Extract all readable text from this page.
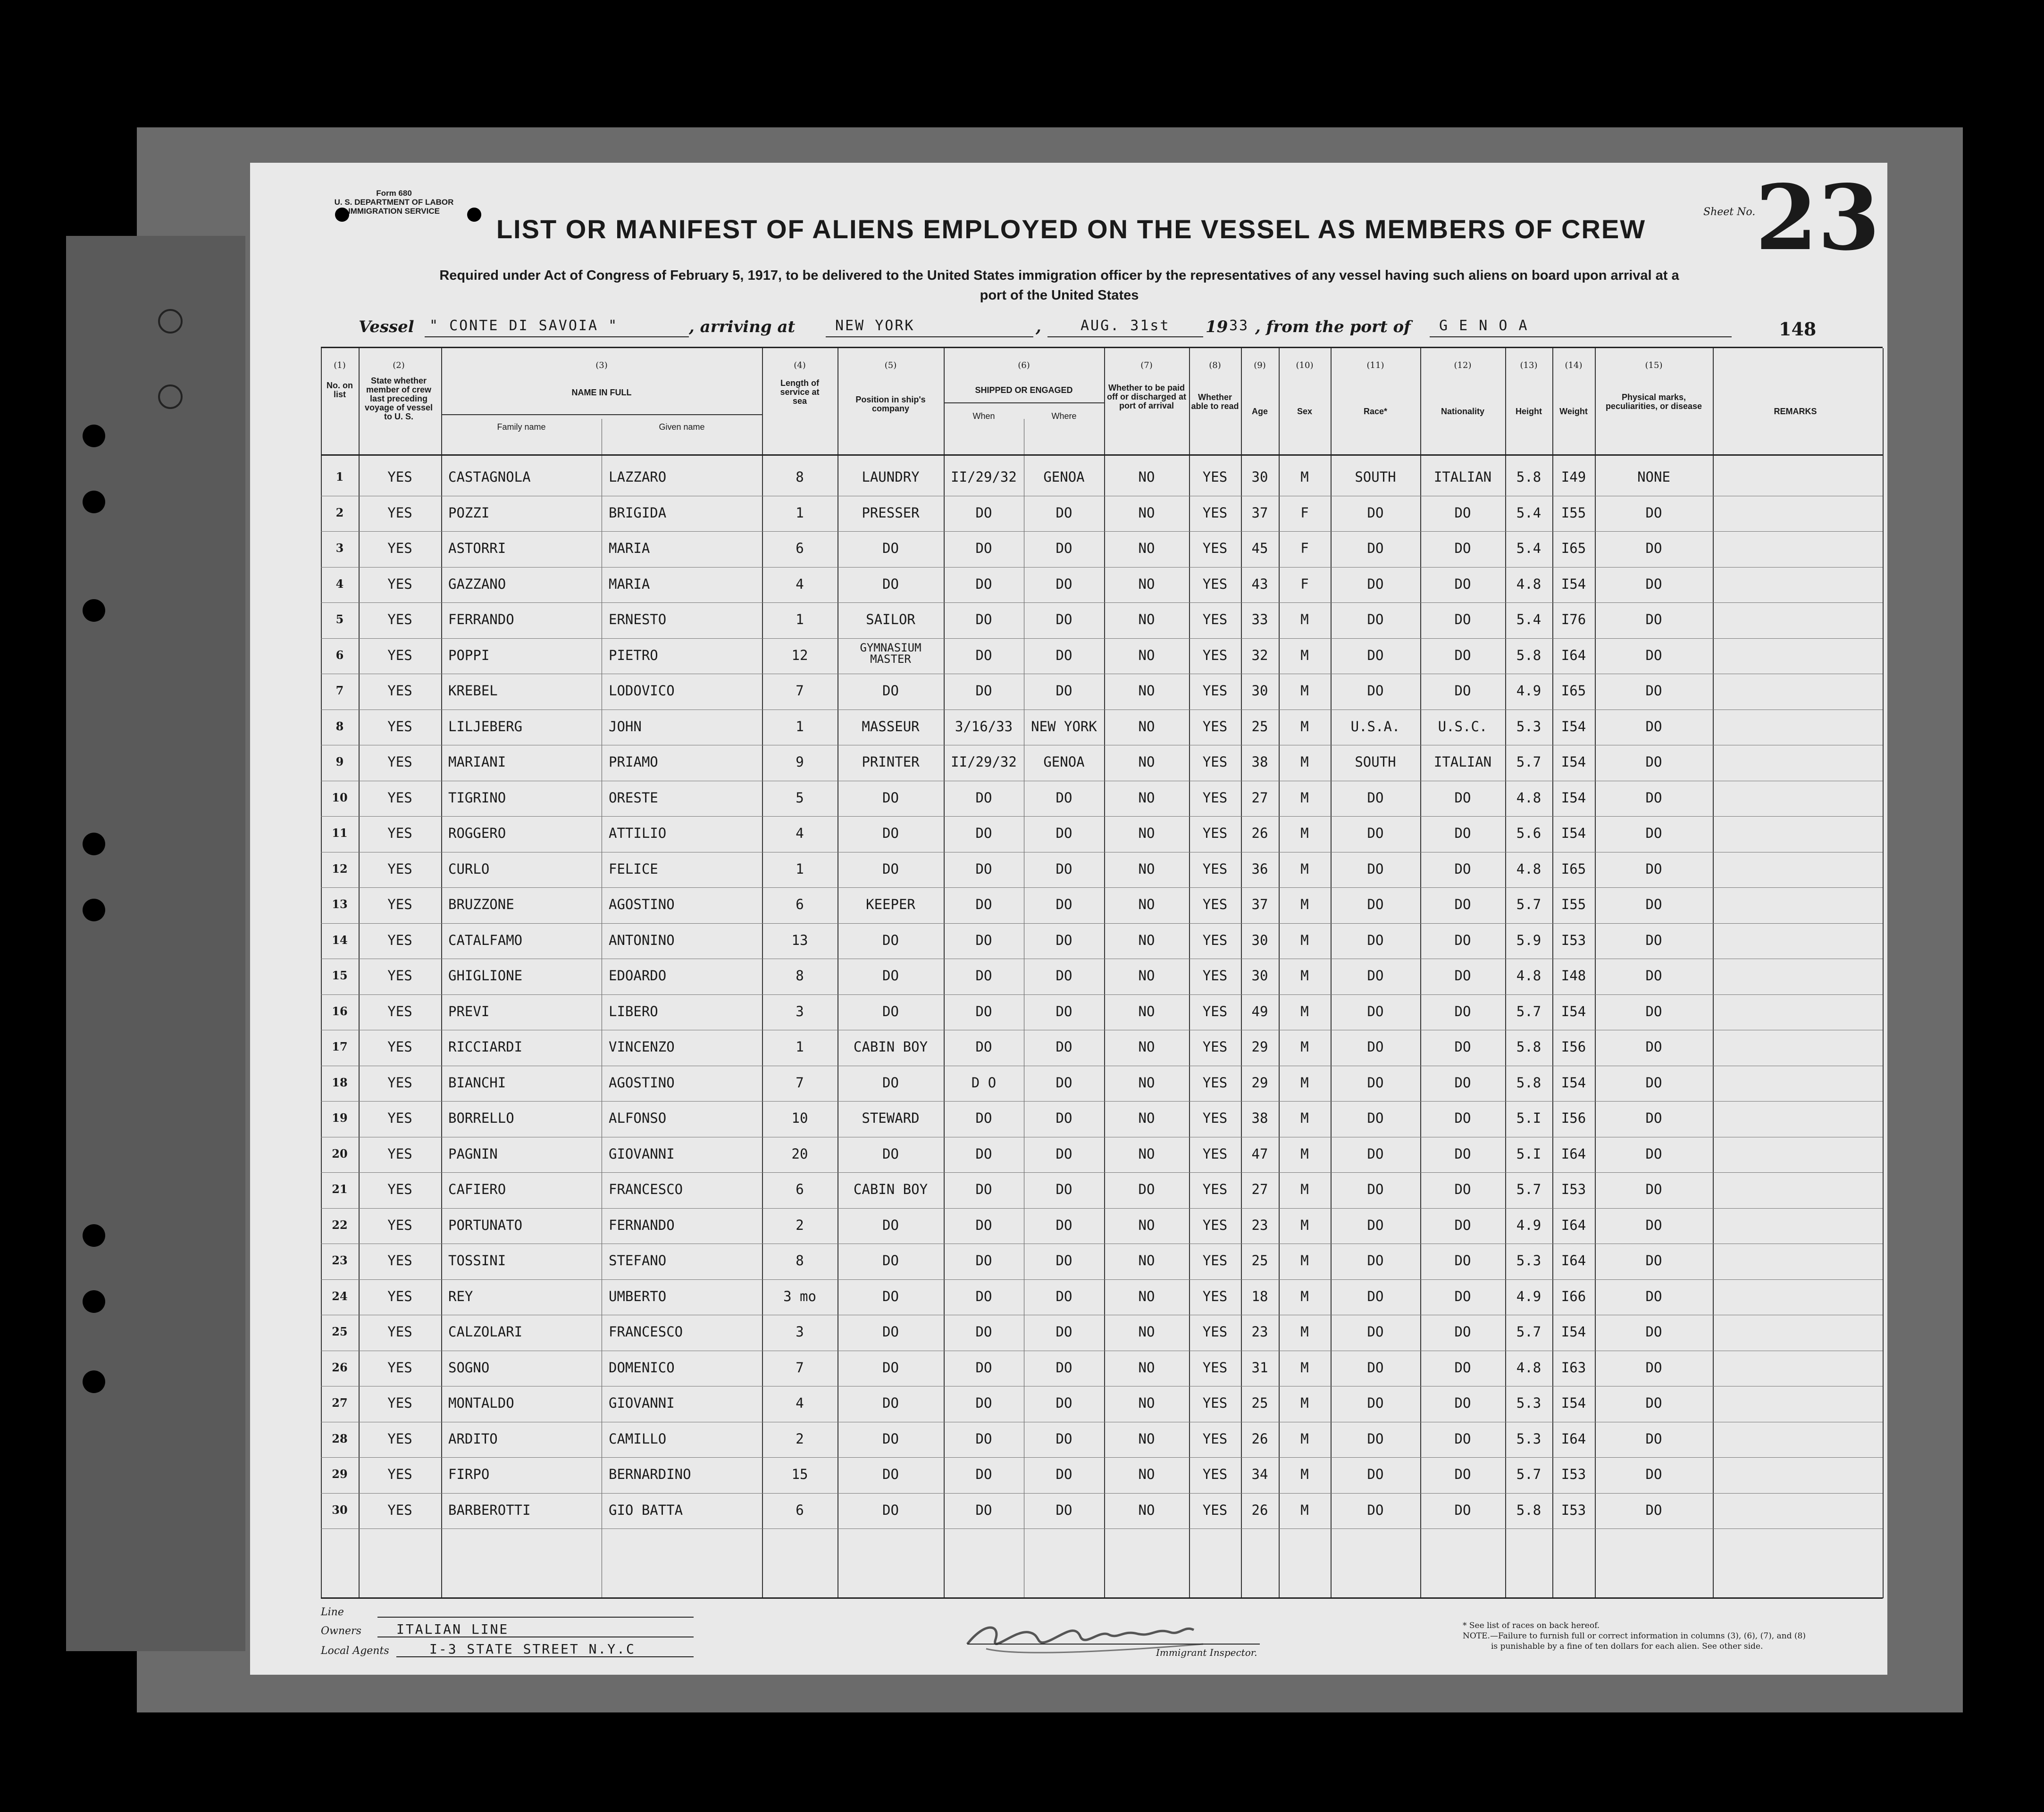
Form 680
U. S. DEPARTMENT OF LABOR
IMMIGRATION SERVICE
LIST OR MANIFEST OF ALIENS EMPLOYED ON THE VESSEL AS MEMBERS OF CREW
Sheet No. 23
Required under Act of Congress of February 5, 1917, to be delivered to the United States immigration officer by the representatives of any vessel having such aliens on board upon arrival at a
port of the United States
Vessel " CONTE DI SAVOIA "	, arriving at	NEW YORK	,	AUG. 31st 19 33 , from the port of G E N O A	148
(1)
No. on list
(2)
State whether member of crew last preceding voyage of vessel to U. S.
(3)
NAME IN FULL
Family name	Given name
(4)
Length of service at sea
(5)
Position in ship's company
(6)
SHIPPED OR ENGAGED
When	Where
(7)
Whether to be paid off or discharged at port of arrival
(8)
Whether able to read
(9)
Age
(10)
Sex
(11)
Race*
(12)
Nationality
(13)
Height
(14)
Weight
(15)
Physical marks, peculiarities, or disease
REMARKS
1	YES	CASTAGNOLA	LAZZARO	8	LAUNDRY	II/29/32	GENOA	NO	YES	30	M	SOUTH	ITALIAN	5.8	I49	NONE
2	YES	POZZI	BRIGIDA	1	PRESSER	DO	DO	NO	YES	37	F	DO	DO	5.4	I55	DO
3	YES	ASTORRI	MARIA	6	DO	DO	DO	NO	YES	45	F	DO	DO	5.4	I65	DO
4	YES	GAZZANO	MARIA	4	DO	DO	DO	NO	YES	43	F	DO	DO	4.8	I54	DO
5	YES	FERRANDO	ERNESTO	1	SAILOR	DO	DO	NO	YES	33	M	DO	DO	5.4	I76	DO
6	YES	POPPI	PIETRO	12	GYMNASIUM MASTER	DO	DO	NO	YES	32	M	DO	DO	5.8	I64	DO
7	YES	KREBEL	LODOVICO	7	DO	DO	DO	NO	YES	30	M	DO	DO	4.9	I65	DO
8	YES	LILJEBERG	JOHN	1	MASSEUR	3/16/33	NEW YORK	NO	YES	25	M	U.S.A.	U.S.C.	5.3	I54	DO
9	YES	MARIANI	PRIAMO	9	PRINTER	II/29/32	GENOA	NO	YES	38	M	SOUTH	ITALIAN	5.7	I54	DO
10	YES	TIGRINO	ORESTE	5	DO	DO	DO	NO	YES	27	M	DO	DO	4.8	I54	DO
11	YES	ROGGERO	ATTILIO	4	DO	DO	DO	NO	YES	26	M	DO	DO	5.6	I54	DO
12	YES	CURLO	FELICE	1	DO	DO	DO	NO	YES	36	M	DO	DO	4.8	I65	DO
13	YES	BRUZZONE	AGOSTINO	6	KEEPER	DO	DO	NO	YES	37	M	DO	DO	5.7	I55	DO
14	YES	CATALFAMO	ANTONINO	13	DO	DO	DO	NO	YES	30	M	DO	DO	5.9	I53	DO
15	YES	GHIGLIONE	EDOARDO	8	DO	DO	DO	NO	YES	30	M	DO	DO	4.8	I48	DO
16	YES	PREVI	LIBERO	3	DO	DO	DO	NO	YES	49	M	DO	DO	5.7	I54	DO
17	YES	RICCIARDI	VINCENZO	1	CABIN BOY	DO	DO	NO	YES	29	M	DO	DO	5.8	I56	DO
18	YES	BIANCHI	AGOSTINO	7	DO	D O	DO	NO	YES	29	M	DO	DO	5.8	I54	DO
19	YES	BORRELLO	ALFONSO	10	STEWARD	DO	DO	NO	YES	38	M	DO	DO	5.I	I56	DO
20	YES	PAGNIN	GIOVANNI	20	DO	DO	DO	NO	YES	47	M	DO	DO	5.I	I64	DO
21	YES	CAFIERO	FRANCESCO	6	CABIN BOY	DO	DO	DO	YES	27	M	DO	DO	5.7	I53	DO
22	YES	PORTUNATO	FERNANDO	2	DO	DO	DO	NO	YES	23	M	DO	DO	4.9	I64	DO
23	YES	TOSSINI	STEFANO	8	DO	DO	DO	NO	YES	25	M	DO	DO	5.3	I64	DO
24	YES	REY	UMBERTO	3 mo	DO	DO	DO	NO	YES	18	M	DO	DO	4.9	I66	DO
25	YES	CALZOLARI	FRANCESCO	3	DO	DO	DO	NO	YES	23	M	DO	DO	5.7	I54	DO
26	YES	SOGNO	DOMENICO	7	DO	DO	DO	NO	YES	31	M	DO	DO	4.8	I63	DO
27	YES	MONTALDO	GIOVANNI	4	DO	DO	DO	NO	YES	25	M	DO	DO	5.3	I54	DO
28	YES	ARDITO	CAMILLO	2	DO	DO	DO	NO	YES	26	M	DO	DO	5.3	I64	DO
29	YES	FIRPO	BERNARDINO	15	DO	DO	DO	NO	YES	34	M	DO	DO	5.7	I53	DO
30	YES	BARBEROTTI	GIO BATTA	6	DO	DO	DO	NO	YES	26	M	DO	DO	5.8	I53	DO
Line
Owners	ITALIAN LINE
Local Agents	I-3 STATE STREET N.Y.C	Immigrant Inspector.
* See list of races on back hereof.
NOTE.—Failure to furnish full or correct information in columns (3), (6), (7), and (8)
is punishable by a fine of ten dollars for each alien. See other side.
